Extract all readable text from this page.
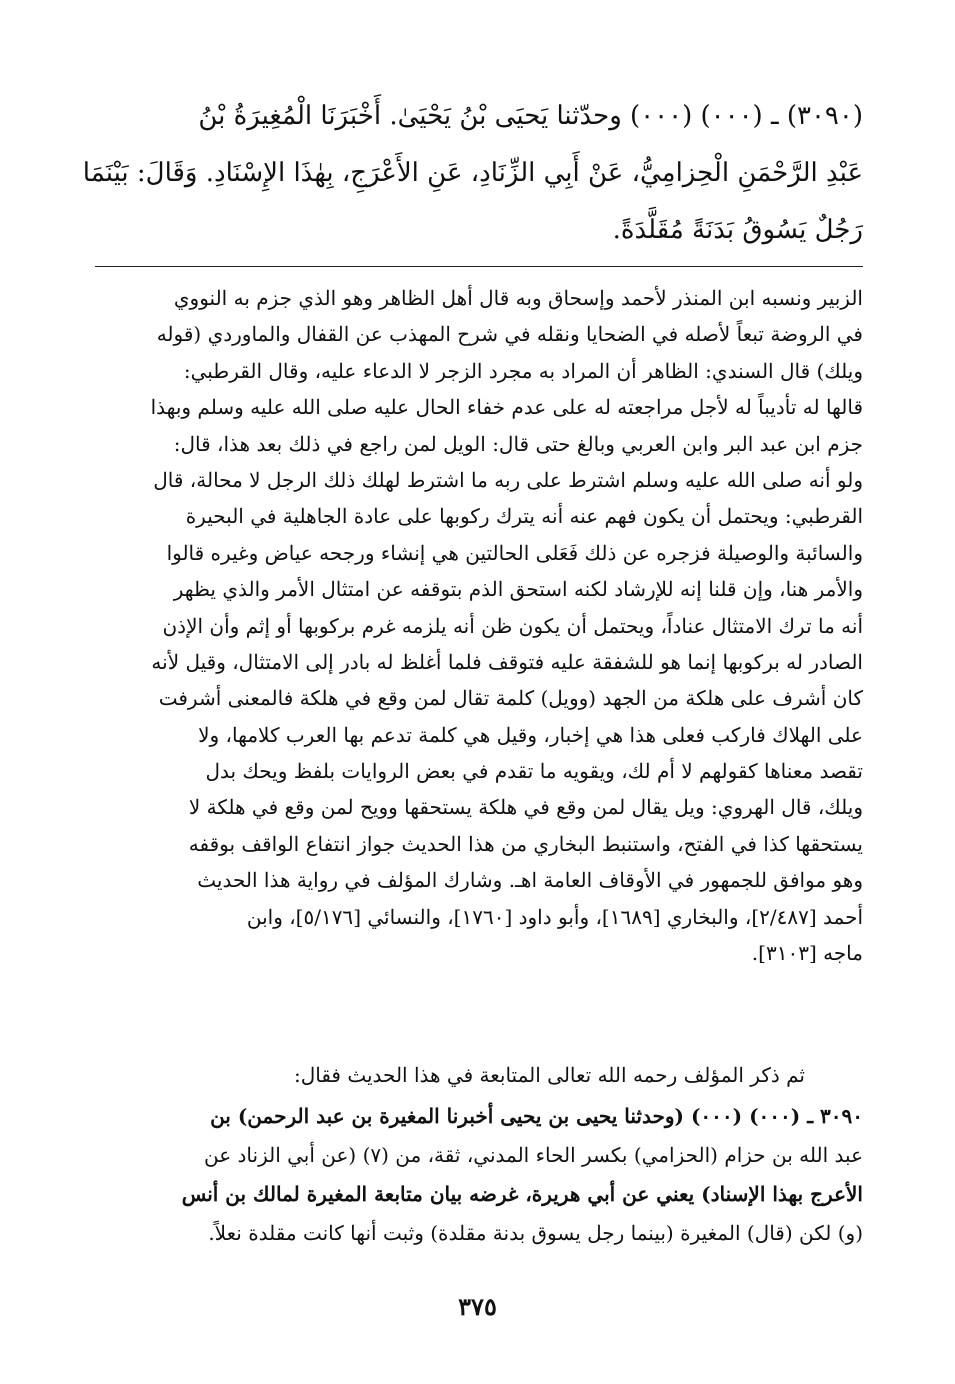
(٣٠٩٠) ـ (٠٠٠) (٠٠٠) وحدّثنا يَحيَى بْنُ يَحْيَىٰ. أَخْبَرَنَا الْمُغِيرَةُ بْنُ
عَبْدِ الرَّحْمَنِ الْحِزامِيُّ، عَنْ أَبِي الزِّنَادِ، عَنِ الأَعْرَجِ، بِهٰذَا الإِسْنَادِ. وَقَالَ: بَيْنَمَا
رَجُلٌ يَسُوقُ بَدَنَةً مُقَلَّدَةً.
الزبير ونسبه ابن المنذر لأحمد وإسحاق وبه قال أهل الظاهر وهو الذي جزم به النووي
في الروضة تبعاً لأصله في الضحايا ونقله في شرح المهذب عن القفال والماوردي (قوله
ويلك) قال السندي: الظاهر أن المراد به مجرد الزجر لا الدعاء عليه، وقال القرطبي:
قالها له تأديباً له لأجل مراجعته له على عدم خفاء الحال عليه صلى الله عليه وسلم وبهذا
جزم ابن عبد البر وابن العربي وبالغ حتى قال: الويل لمن راجع في ذلك بعد هذا، قال:
ولو أنه صلى الله عليه وسلم اشترط على ربه ما اشترط لهلك ذلك الرجل لا محالة، قال
القرطبي: ويحتمل أن يكون فهم عنه أنه يترك ركوبها على عادة الجاهلية في البحيرة
والسائبة والوصيلة فزجره عن ذلك فَعَلى الحالتين هي إنشاء ورجحه عياض وغيره قالوا
والأمر هنا، وإن قلنا إنه للإرشاد لكنه استحق الذم بتوقفه عن امتثال الأمر والذي يظهر
أنه ما ترك الامتثال عناداً، ويحتمل أن يكون ظن أنه يلزمه غرم بركوبها أو إثم وأن الإذن
الصادر له بركوبها إنما هو للشفقة عليه فتوقف فلما أغلظ له بادر إلى الامتثال، وقيل لأنه
كان أشرف على هلكة من الجهد (وويل) كلمة تقال لمن وقع في هلكة فالمعنى أشرفت
على الهلاك فاركب فعلى هذا هي إخبار، وقيل هي كلمة تدعم بها العرب كلامها، ولا
تقصد معناها كقولهم لا أم لك، ويقويه ما تقدم في بعض الروايات بلفظ ويحك بدل
ويلك، قال الهروي: ويل يقال لمن وقع في هلكة يستحقها وويح لمن وقع في هلكة لا
يستحقها كذا في الفتح، واستنبط البخاري من هذا الحديث جواز انتفاع الواقف بوقفه
وهو موافق للجمهور في الأوقاف العامة اهـ. وشارك المؤلف في رواية هذا الحديث
أحمد [٢/٤٨٧]، والبخاري [١٦٨٩]، وأبو داود [١٧٦٠]، والنسائي [٥/١٧٦]، وابن
ماجه [٣١٠٣].
ثم ذكر المؤلف رحمه الله تعالى المتابعة في هذا الحديث فقال:
٣٠٩٠ ـ (٠٠٠) (٠٠٠) (وحدثنا يحيى بن يحيى أخبرنا المغيرة بن عبد الرحمن) بن
عبد الله بن حزام (الحزامي) بكسر الحاء المدني، ثقة، من (٧) (عن أبي الزناد عن
الأعرج بهذا الإسناد) يعني عن أبي هريرة، غرضه بيان متابعة المغيرة لمالك بن أنس
(و) لكن (قال) المغيرة (بينما رجل يسوق بدنة مقلدة) وثبت أنها كانت مقلدة نعلاً.
٣٧٥
